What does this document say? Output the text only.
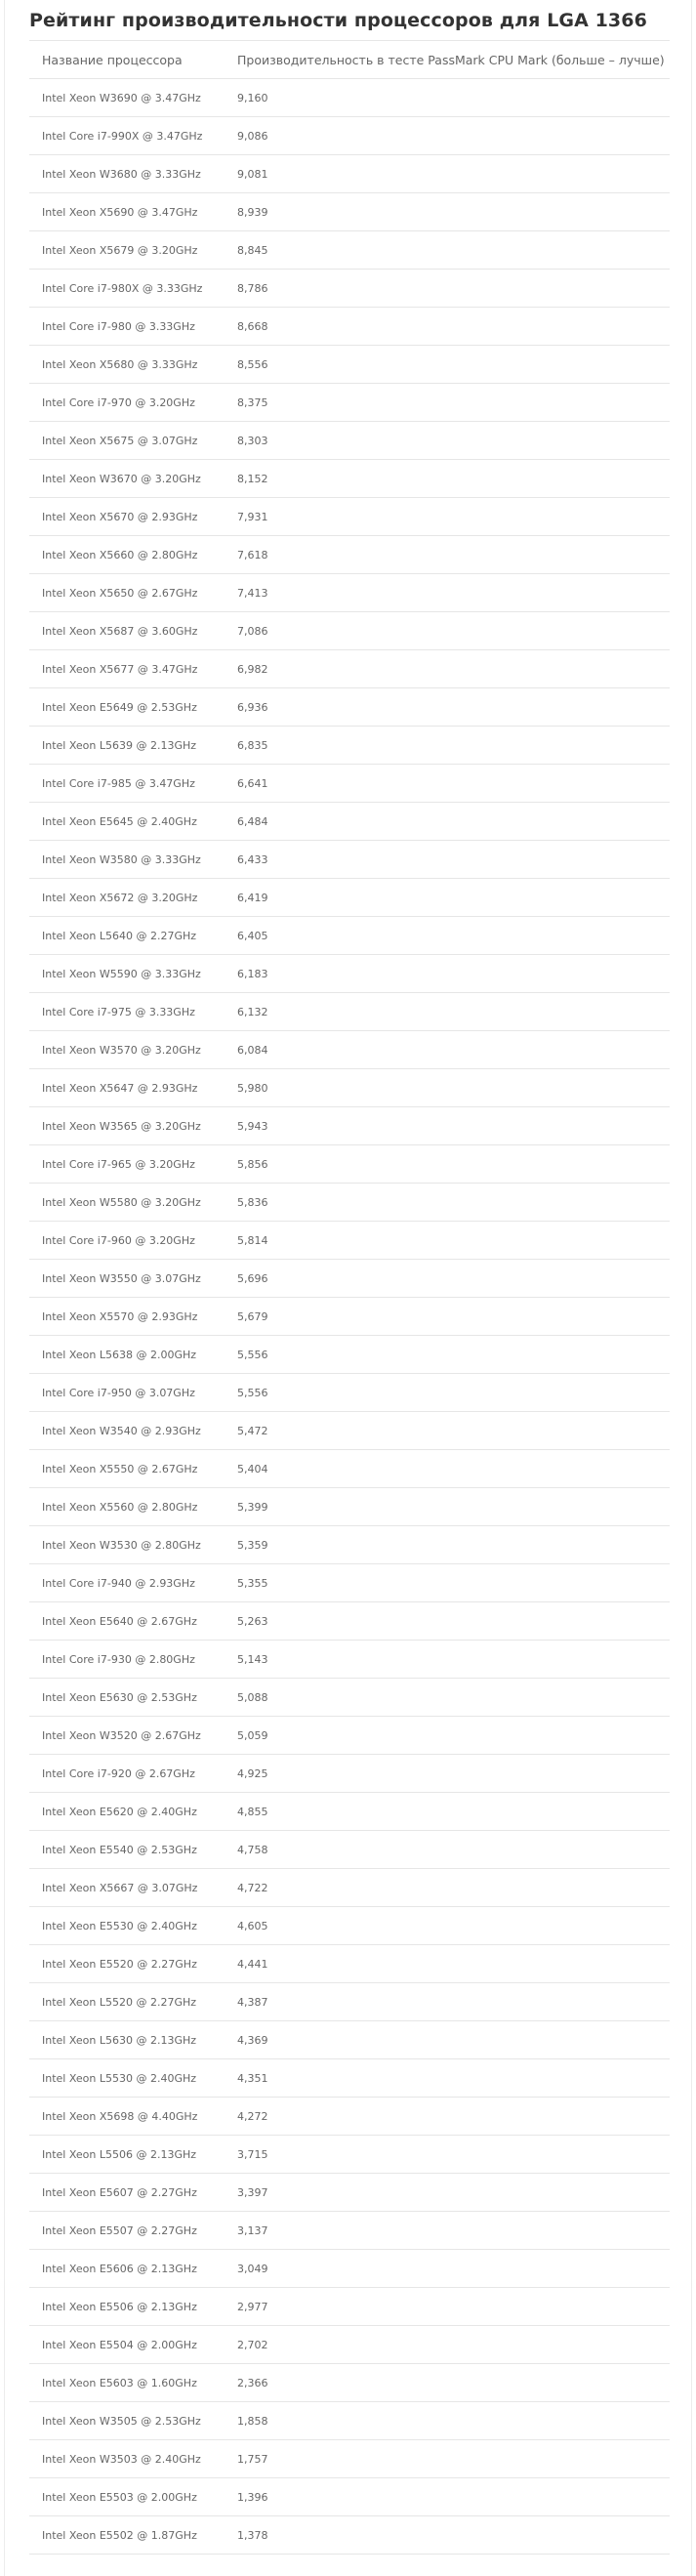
Рейтинг производительности процессоров для LGA 1366
Название процессора	Производительность в тесте PassMark CPU Mark (больше – лучше)
Intel Xeon W3690 @ 3.47GHz	9,160
Intel Core i7-990X @ 3.47GHz	9,086
Intel Xeon W3680 @ 3.33GHz	9,081
Intel Xeon X5690 @ 3.47GHz	8,939
Intel Xeon X5679 @ 3.20GHz	8,845
Intel Core i7-980X @ 3.33GHz	8,786
Intel Core i7-980 @ 3.33GHz	8,668
Intel Xeon X5680 @ 3.33GHz	8,556
Intel Core i7-970 @ 3.20GHz	8,375
Intel Xeon X5675 @ 3.07GHz	8,303
Intel Xeon W3670 @ 3.20GHz	8,152
Intel Xeon X5670 @ 2.93GHz	7,931
Intel Xeon X5660 @ 2.80GHz	7,618
Intel Xeon X5650 @ 2.67GHz	7,413
Intel Xeon X5687 @ 3.60GHz	7,086
Intel Xeon X5677 @ 3.47GHz	6,982
Intel Xeon E5649 @ 2.53GHz	6,936
Intel Xeon L5639 @ 2.13GHz	6,835
Intel Core i7-985 @ 3.47GHz	6,641
Intel Xeon E5645 @ 2.40GHz	6,484
Intel Xeon W3580 @ 3.33GHz	6,433
Intel Xeon X5672 @ 3.20GHz	6,419
Intel Xeon L5640 @ 2.27GHz	6,405
Intel Xeon W5590 @ 3.33GHz	6,183
Intel Core i7-975 @ 3.33GHz	6,132
Intel Xeon W3570 @ 3.20GHz	6,084
Intel Xeon X5647 @ 2.93GHz	5,980
Intel Xeon W3565 @ 3.20GHz	5,943
Intel Core i7-965 @ 3.20GHz	5,856
Intel Xeon W5580 @ 3.20GHz	5,836
Intel Core i7-960 @ 3.20GHz	5,814
Intel Xeon W3550 @ 3.07GHz	5,696
Intel Xeon X5570 @ 2.93GHz	5,679
Intel Xeon L5638 @ 2.00GHz	5,556
Intel Core i7-950 @ 3.07GHz	5,556
Intel Xeon W3540 @ 2.93GHz	5,472
Intel Xeon X5550 @ 2.67GHz	5,404
Intel Xeon X5560 @ 2.80GHz	5,399
Intel Xeon W3530 @ 2.80GHz	5,359
Intel Core i7-940 @ 2.93GHz	5,355
Intel Xeon E5640 @ 2.67GHz	5,263
Intel Core i7-930 @ 2.80GHz	5,143
Intel Xeon E5630 @ 2.53GHz	5,088
Intel Xeon W3520 @ 2.67GHz	5,059
Intel Core i7-920 @ 2.67GHz	4,925
Intel Xeon E5620 @ 2.40GHz	4,855
Intel Xeon E5540 @ 2.53GHz	4,758
Intel Xeon X5667 @ 3.07GHz	4,722
Intel Xeon E5530 @ 2.40GHz	4,605
Intel Xeon E5520 @ 2.27GHz	4,441
Intel Xeon L5520 @ 2.27GHz	4,387
Intel Xeon L5630 @ 2.13GHz	4,369
Intel Xeon L5530 @ 2.40GHz	4,351
Intel Xeon X5698 @ 4.40GHz	4,272
Intel Xeon L5506 @ 2.13GHz	3,715
Intel Xeon E5607 @ 2.27GHz	3,397
Intel Xeon E5507 @ 2.27GHz	3,137
Intel Xeon E5606 @ 2.13GHz	3,049
Intel Xeon E5506 @ 2.13GHz	2,977
Intel Xeon E5504 @ 2.00GHz	2,702
Intel Xeon E5603 @ 1.60GHz	2,366
Intel Xeon W3505 @ 2.53GHz	1,858
Intel Xeon W3503 @ 2.40GHz	1,757
Intel Xeon E5503 @ 2.00GHz	1,396
Intel Xeon E5502 @ 1.87GHz	1,378
